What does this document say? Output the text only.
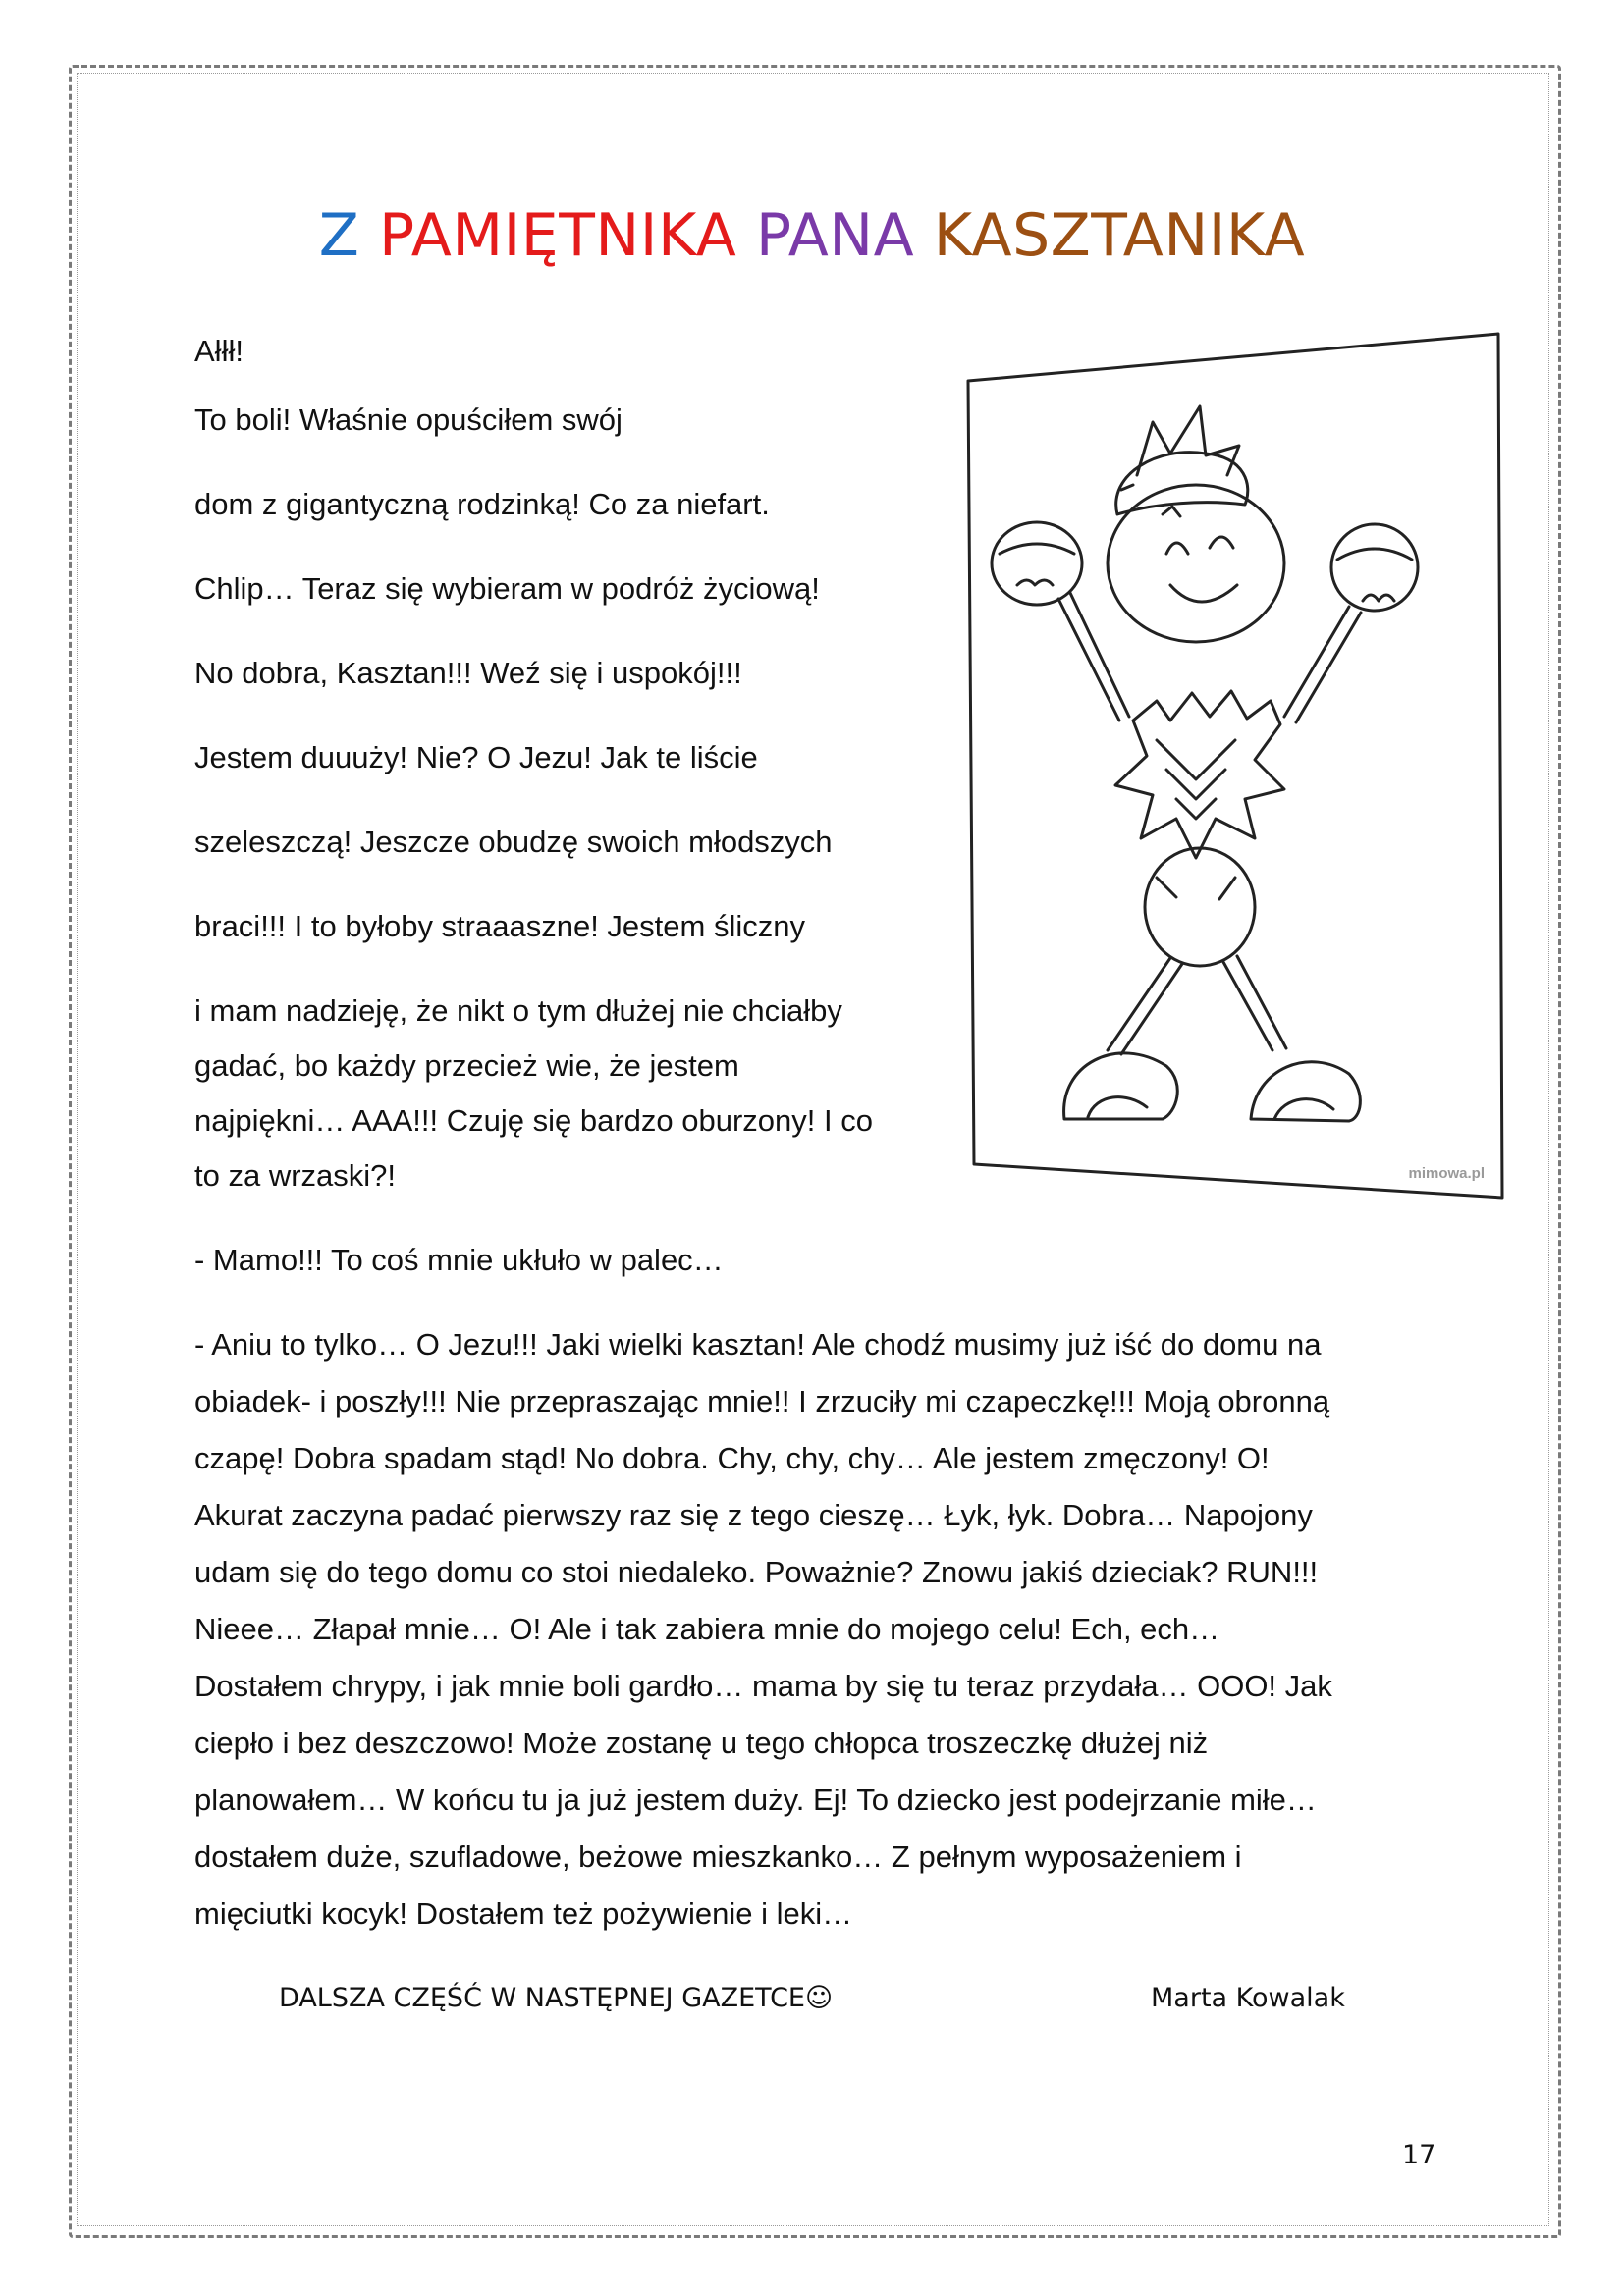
Z PAMIĘTNIKA PANA KASZTANIKA
Ałłł!
To boli! Właśnie opuściłem swój
dom z gigantyczną rodzinką! Co za niefart.
Chlip… Teraz się wybieram w podróż życiową!
No dobra, Kasztan!!! Weź się i uspokój!!!
Jestem duuuży! Nie? O Jezu! Jak te liście
szeleszczą! Jeszcze obudzę swoich młodszych
braci!!! I to byłoby straaaszne! Jestem śliczny
i mam nadzieję, że nikt o tym dłużej nie chciałby
gadać, bo każdy przecież wie, że jestem
najpiękni… AAA!!! Czuję się bardzo oburzony! I co
to za wrzaski?!
- Mamo!!! To coś mnie ukłuło w palec…
- Aniu to tylko… O Jezu!!! Jaki wielki kasztan! Ale chodź musimy już iść do domu na
obiadek- i poszły!!! Nie przepraszając mnie!! I zrzuciły mi czapeczkę!!! Moją obronną
czapę! Dobra spadam stąd! No dobra. Chy, chy, chy… Ale jestem zmęczony! O!
Akurat zaczyna padać pierwszy raz się z tego cieszę… Łyk, łyk. Dobra… Napojony
udam się do tego domu co stoi niedaleko. Poważnie? Znowu jakiś dzieciak? RUN!!!
Nieee… Złapał mnie… O! Ale i tak zabiera mnie do mojego celu! Ech, ech…
Dostałem chrypy, i jak mnie boli gardło… mama by się tu teraz przydała… OOO! Jak
ciepło i bez deszczowo! Może zostanę u tego chłopca troszeczkę dłużej niż
planowałem… W końcu tu ja już jestem duży. Ej! To dziecko jest podejrzanie miłe…
dostałem duże, szufladowe, beżowe mieszkanko… Z pełnym wyposażeniem i
mięciutki kocyk! Dostałem też pożywienie i leki…
mimowa.pl
DALSZA CZĘŚĆ W NASTĘPNEJ GAZETCE☺	Marta Kowalak
17
